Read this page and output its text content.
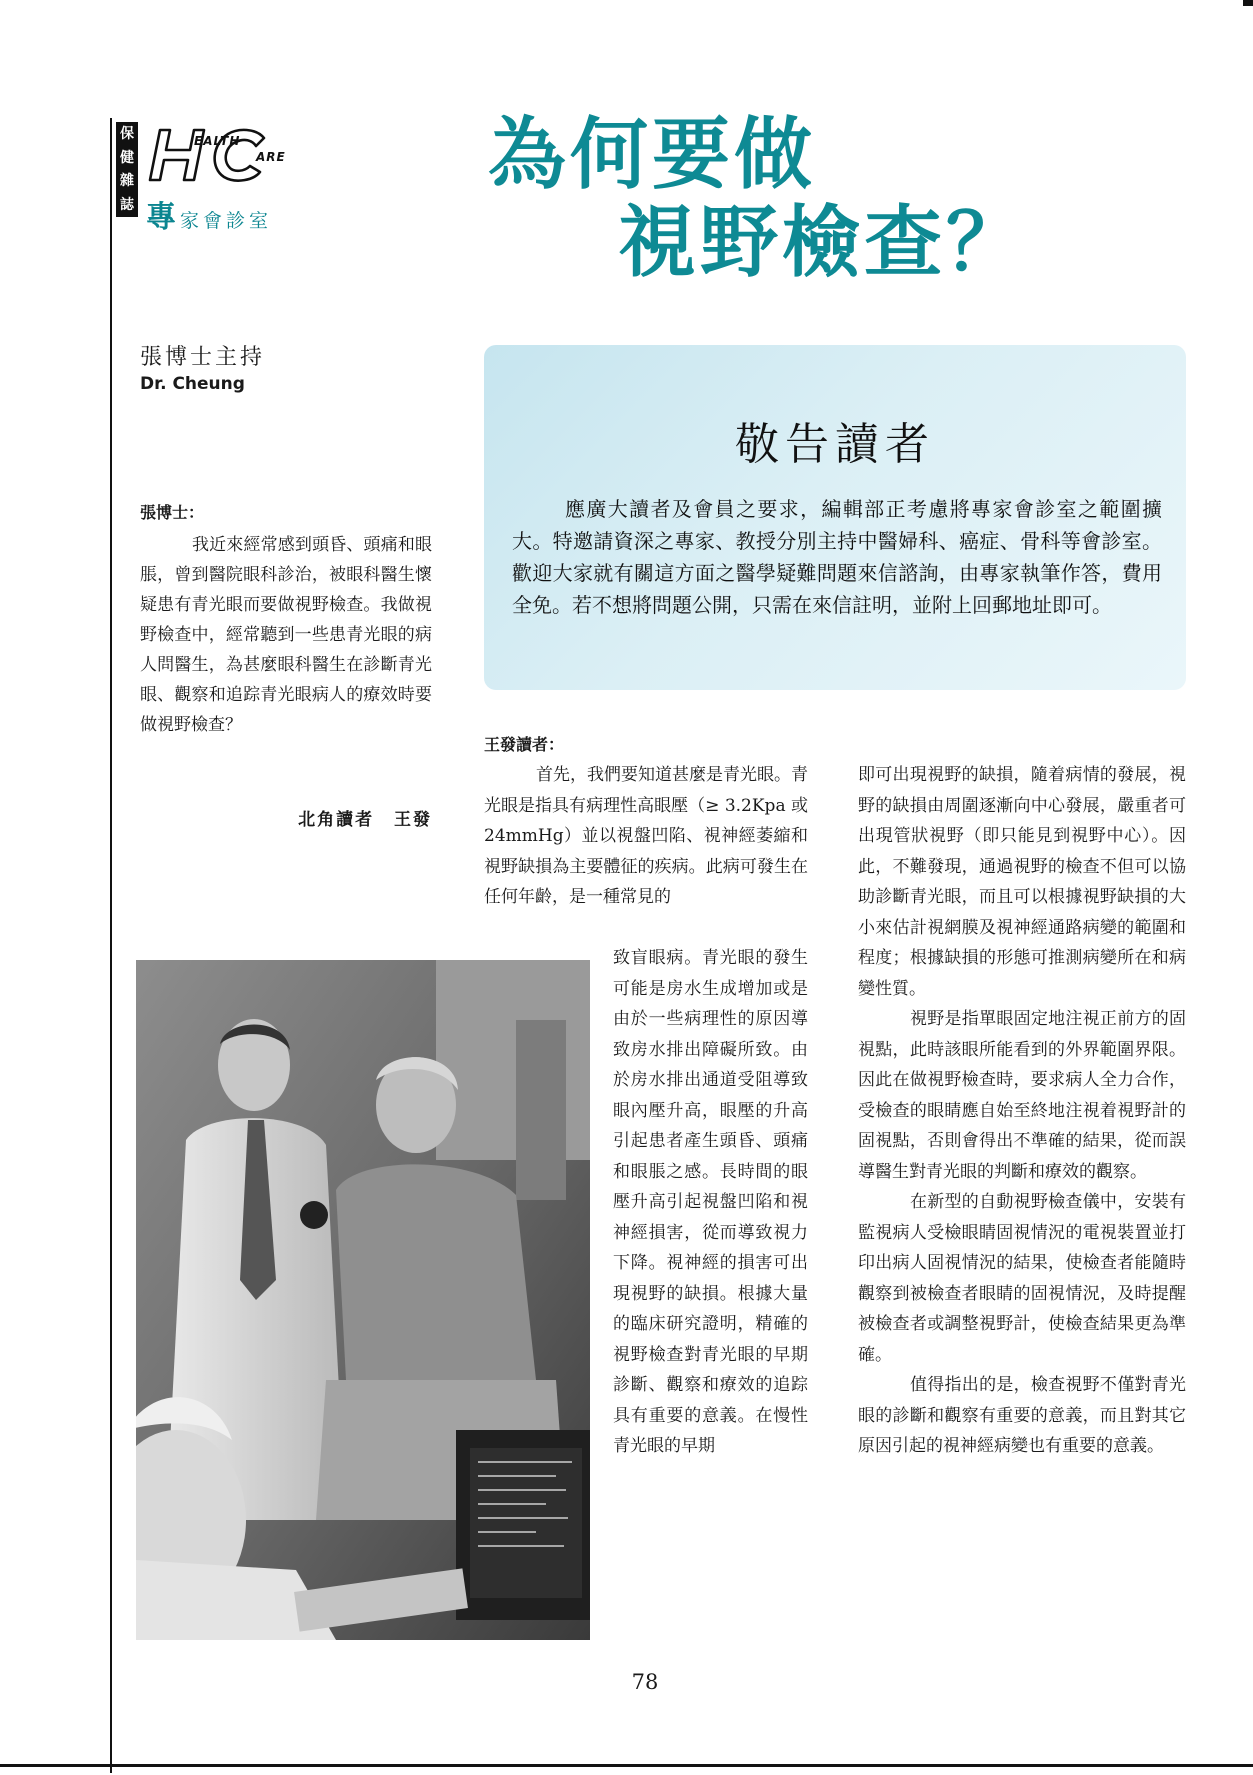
保
健
雜
誌
EALTH
ARE
專家會診室
為何要做
視野檢查？
張博士主持
Dr. Cheung
敬告讀者

應廣大讀者及會員之要求，編輯部正考慮將專家會診室之範圍擴大。特邀請資深之專家、教授分別主持中醫婦科、癌症、骨科等會診室。歡迎大家就有關這方面之醫學疑難問題來信諮詢，由專家執筆作答，費用全免。若不想將問題公開，只需在來信註明，並附上回郵地址即可。

張博士：

我近來經常感到頭昏、頭痛和眼脹，曾到醫院眼科診治，被眼科醫生懷疑患有青光眼而要做視野檢查。我做視野檢查中，經常聽到一些患青光眼的病人問醫生，為甚麼眼科醫生在診斷青光眼、觀察和追踪青光眼病人的療效時要做視野檢查？

北角讀者 王發
王發讀者：

首先，我們要知道甚麼是青光眼。青光眼是指具有病理性高眼壓（≥ 3.2Kpa 或 24mmHg）並以視盤凹陷、視神經萎縮和視野缺損為主要體征的疾病。此病可發生在任何年齡，是一種常見的

致盲眼病。青光眼的發生可能是房水生成增加或是由於一些病理性的原因導致房水排出障礙所致。由於房水排出通道受阻導致眼內壓升高，眼壓的升高引起患者產生頭昏、頭痛和眼脹之感。長時間的眼壓升高引起視盤凹陷和視神經損害，從而導致視力下降。視神經的損害可出現視野的缺損。根據大量的臨床研究證明，精確的視野檢查對青光眼的早期診斷、觀察和療效的追踪具有重要的意義。在慢性青光眼的早期

即可出現視野的缺損，隨着病情的發展，視野的缺損由周圍逐漸向中心發展，嚴重者可出現管狀視野（即只能見到視野中心）。因此，不難發現，通過視野的檢查不但可以協助診斷青光眼，而且可以根據視野缺損的大小來估計視網膜及視神經通路病變的範圍和程度；根據缺損的形態可推測病變所在和病變性質。

視野是指單眼固定地注視正前方的固視點，此時該眼所能看到的外界範圍界限。因此在做視野檢查時，要求病人全力合作，受檢查的眼睛應自始至終地注視着視野計的固視點，否則會得出不準確的結果，從而誤導醫生對青光眼的判斷和療效的觀察。

在新型的自動視野檢查儀中，安裝有監視病人受檢眼睛固視情況的電視裝置並打印出病人固視情況的結果，使檢查者能隨時觀察到被檢查者眼睛的固視情況，及時提醒被檢查者或調整視野計，使檢查結果更為準確。

值得指出的是，檢查視野不僅對青光眼的診斷和觀察有重要的意義，而且對其它原因引起的視神經病變也有重要的意義。

78
